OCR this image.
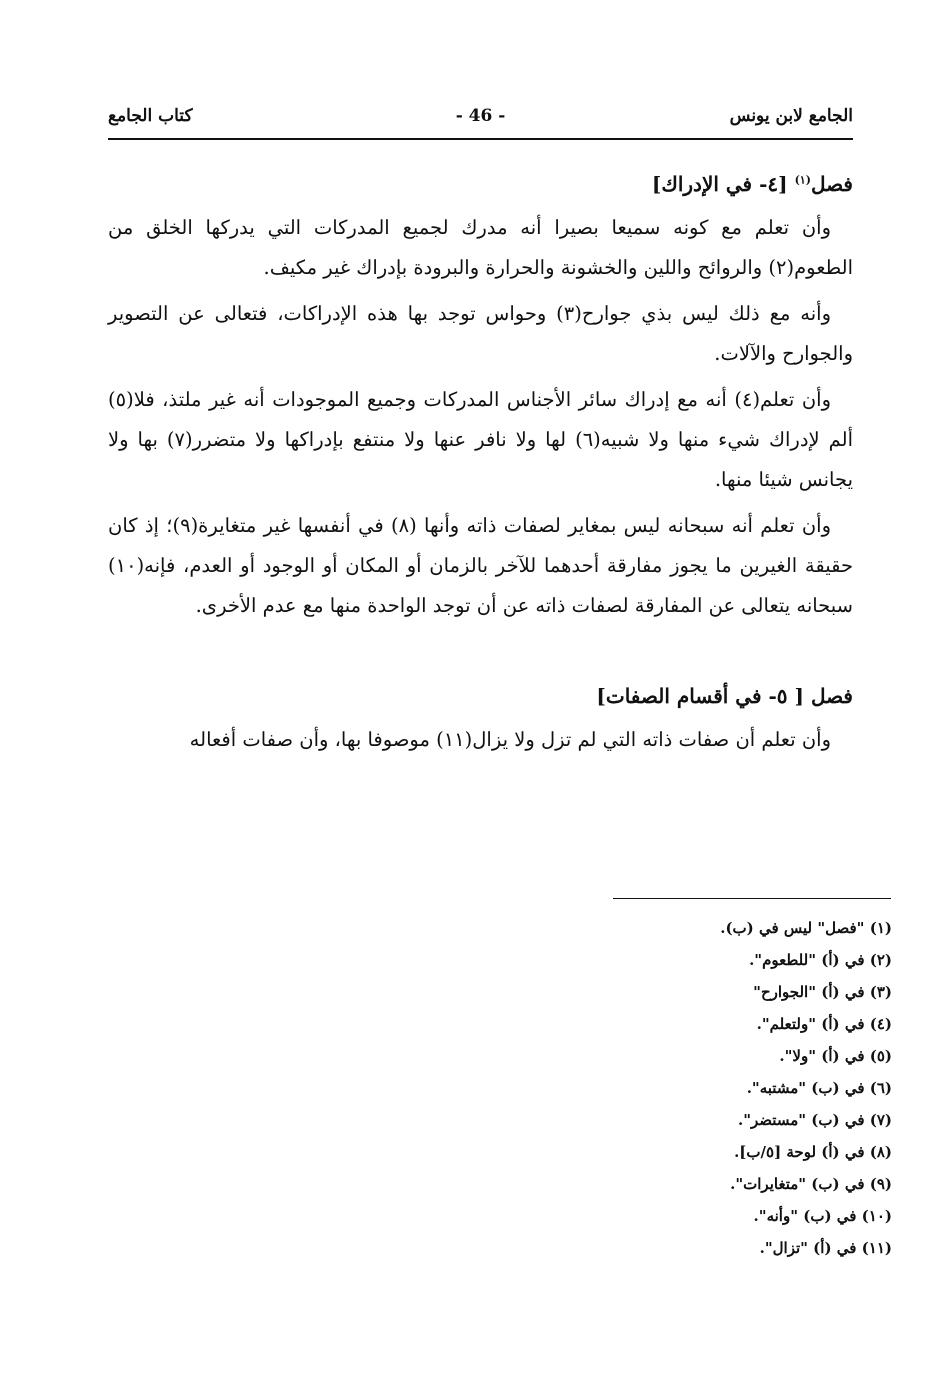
الجامع لابن يونس
- 46 -
كتاب الجامع
فصل$^{(١)}$ [٤- في الإدراك]

وأن تعلم مع كونه سميعا بصيرا أنه مدرك لجميع المدركات التي يدركها الخلق من الطعوم(٢) والروائح واللين والخشونة والحرارة والبرودة بإدراك غير مكيف.

وأنه مع ذلك ليس بذي جوارح(٣) وحواس توجد بها هذه الإدراكات، فتعالى عن التصوير والجوارح والآلات.

وأن تعلم(٤) أنه مع إدراك سائر الأجناس المدركات وجميع الموجودات أنه غير ملتذ، فلا(٥) ألم لإدراك شيء منها ولا شبيه(٦) لها ولا نافر عنها ولا منتفع بإدراكها ولا متضرر(٧) بها ولا يجانس شيئا منها.

وأن تعلم أنه سبحانه ليس بمغاير لصفات ذاته وأنها (٨) في أنفسها غير متغايرة(٩)؛ إذ كان حقيقة الغيرين ما يجوز مفارقة أحدهما للآخر بالزمان أو المكان أو الوجود أو العدم، فإنه(١٠) سبحانه يتعالى عن المفارقة لصفات ذاته عن أن توجد الواحدة منها مع عدم الأخرى.

فصل [ ٥- في أقسام الصفات]

وأن تعلم أن صفات ذاته التي لم تزل ولا يزال(١١) موصوفا بها، وأن صفات أفعاله

(١) "فصل" ليس في (ب).
(٢) في (أ) "للطعوم".
(٣) في (أ) "الجوارح"
(٤) في (أ) "ولتعلم".
(٥) في (أ) "ولا".
(٦) في (ب) "مشتبه".
(٧) في (ب) "مستضر".
(٨) في (أ) لوحة [٥/ب].
(٩) في (ب) "متغايرات".
(١٠) في (ب) "وأنه".
(١١) في (أ) "تزال".
